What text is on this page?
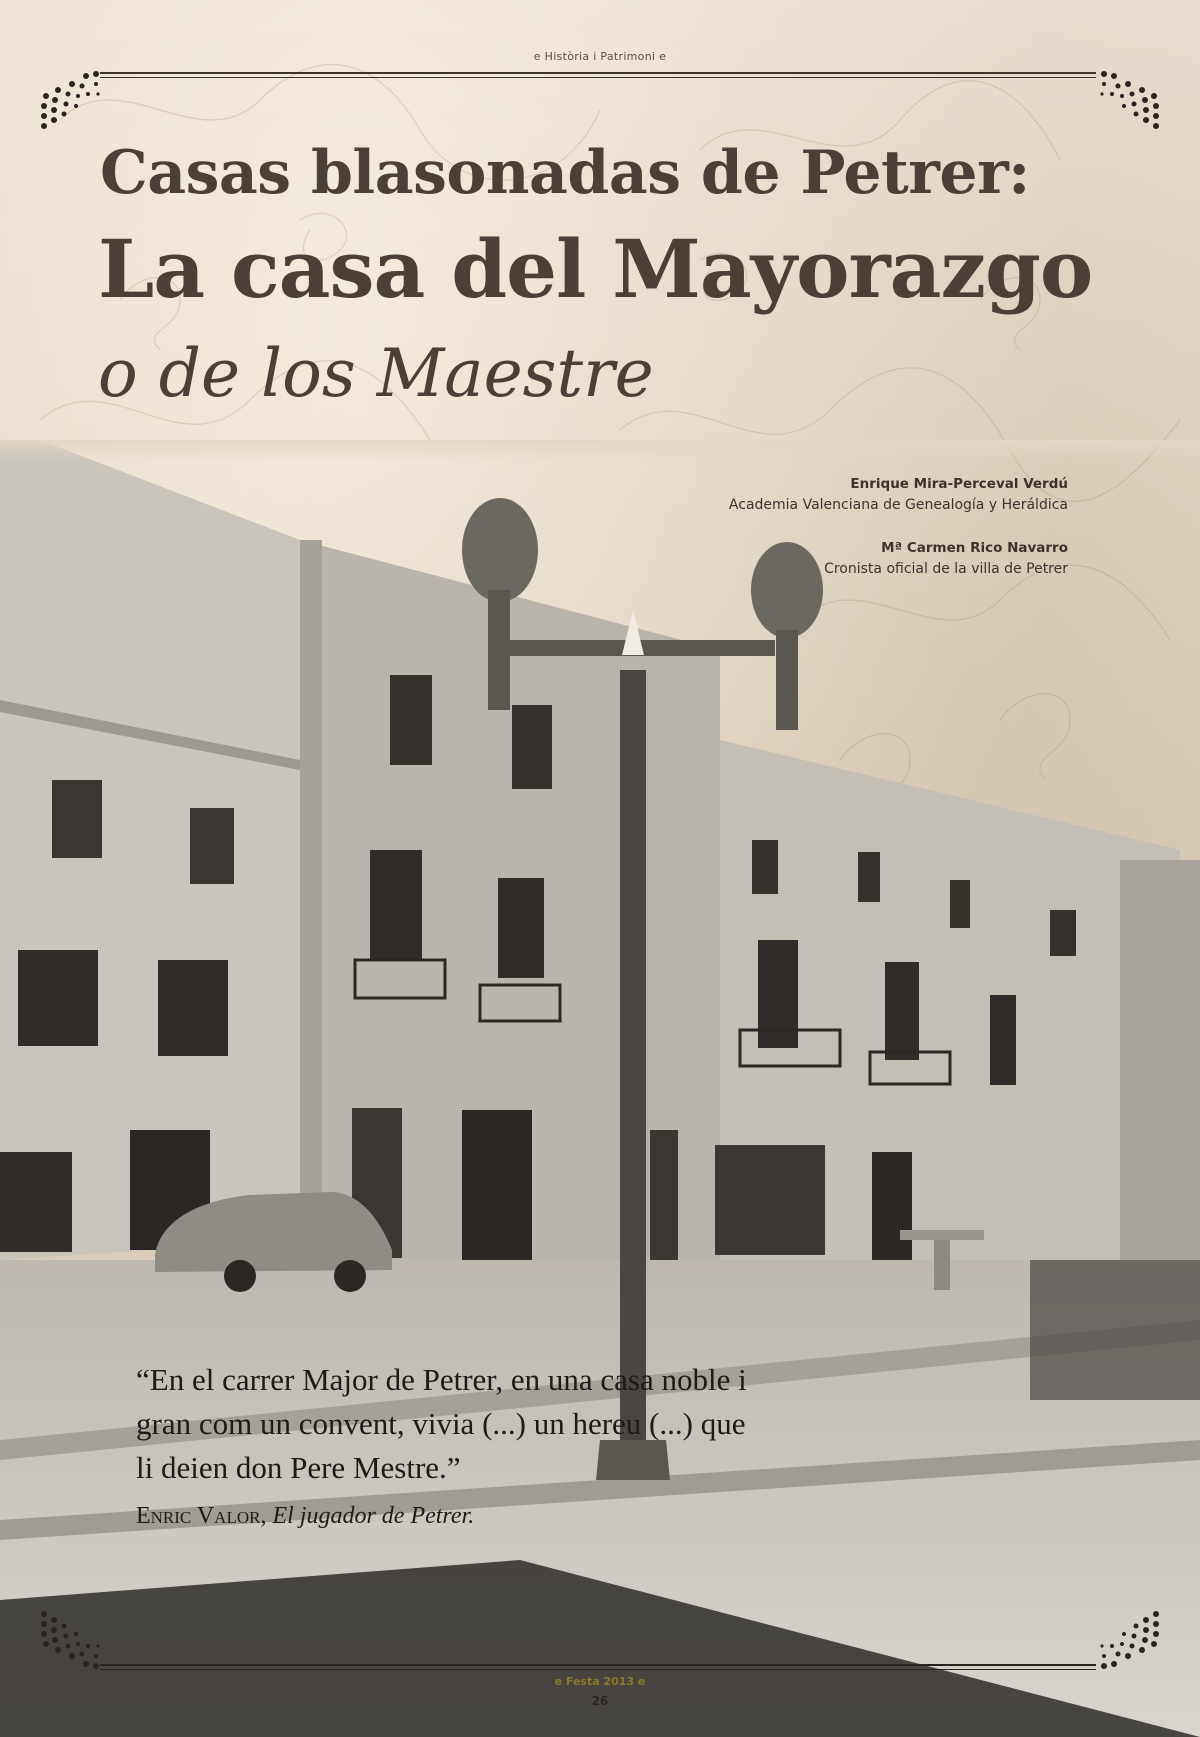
e Història i Patrimoni e
Casas blasonadas de Petrer:
La casa del Mayorazgo
o de los Maestre
Enrique Mira-Perceval Verdú
Academia Valenciana de Genealogía y Heráldica
Mª Carmen Rico Navarro
Cronista oficial de la villa de Petrer
“En el carrer Major de Petrer, en una casa noble i
gran com un convent, vivia (...) un hereu (...) que
li deien don Pere Mestre.”
Enric Valor, El jugador de Petrer.
e Festa 2013 e
26
